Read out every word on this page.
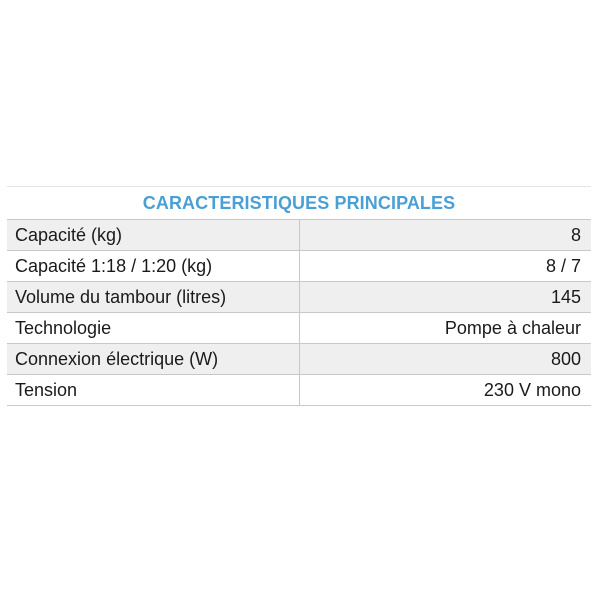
CARACTERISTIQUES PRINCIPALES	
Capacité (kg)	8
Capacité 1:18 / 1:20 (kg)	8 / 7
Volume du tambour (litres)	145
Technologie	Pompe à chaleur
Connexion électrique (W)	800
Tension	230 V mono
